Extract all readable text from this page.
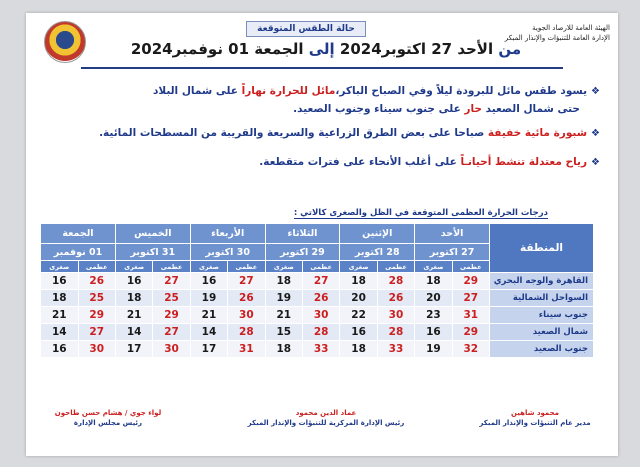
حالة الطقس المتوقعة
من الأحد 27 اكتوبر2024 إلى الجمعة 01 نوفمبر2024
الهيئة العامة للارصاد الجوية
الإدارة العامة للتنبؤات والإنذار المبكر
❖يسود طقس مائل للبرودة ليلاً وفي الصباح الباكر،مائل للحرارة نهاراً على شمال البلاد
حتى شمال الصعيد حار على جنوب سيناء وجنوب الصعيد.
❖شبورة مائية خفيفة صباحا على بعض الطرق الزراعية والسريعة والقريبة من المسطحات المائية.
❖رياح معتدلة تنشط أحيانـاً على أغلب الأنحاء على فترات متقطعة.
درجات الحرارة العظمى المتوقعة في الظل والصغرى كالاتي :
المنطقة	الأحد		الإثنين		الثلاثاء		الأربعاء		الخميس		الجمعة	
	27 اكتوبر		28 اكتوبر		29 اكتوبر		30 اكتوبر		31 اكتوبر		01 نوفمبر	
	عظمى	صغرى	عظمى	صغرى	عظمى	صغرى	عظمى	صغرى	عظمى	صغرى	عظمى	صغرى
القاهرة والوجه البحري	29	18	28	18	27	18	27	16	27	16	26	16
السواحل الشمالية	27	20	26	20	26	19	26	19	25	18	25	18
جنوب سيناء	31	23	30	22	30	21	30	21	29	21	29	21
شمال الصعيد	29	16	28	16	28	15	28	14	27	14	27	14
جنوب الصعيد	32	19	33	18	33	18	31	17	30	17	30	16
محمود شاهين
مدير عام التنبؤات والإنذار المبكر
عماد الدين محمود
رئيس الإدارة المركزية للتنبؤات والإنذار المبكر
لواء جوي / هشام حسن طاحون
رئيس مجلس الإدارة
